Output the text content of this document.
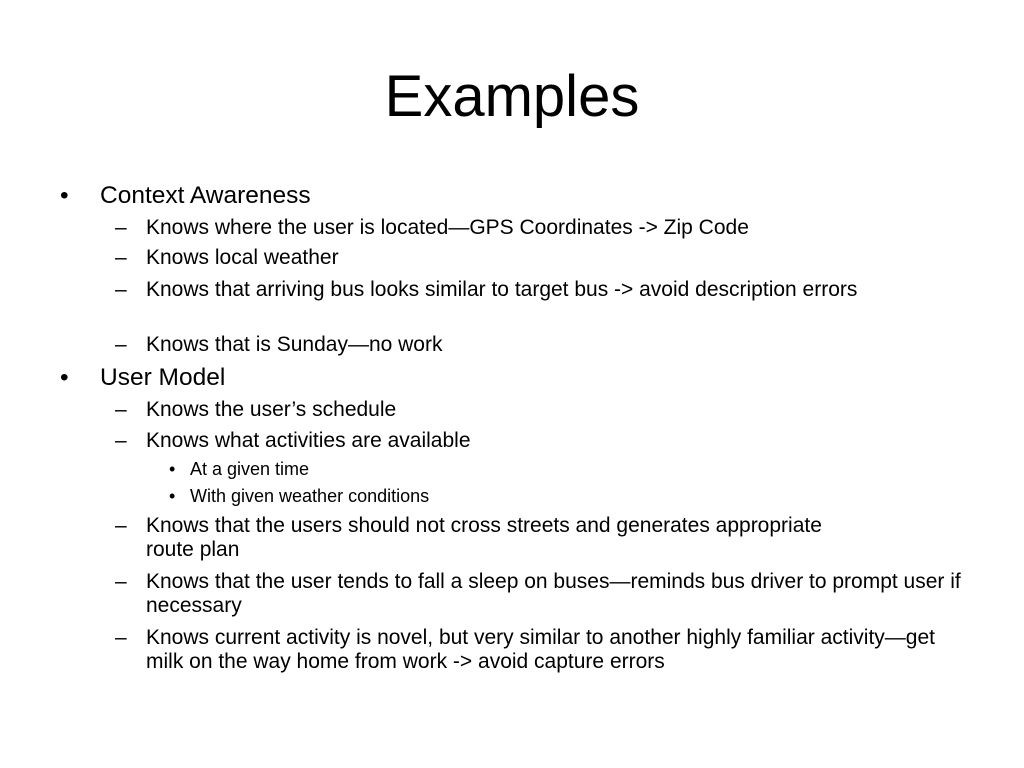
Examples
• Context Awareness
– Knows where the user is located—GPS Coordinates -> Zip Code
– Knows local weather
– Knows that arriving bus looks similar to target bus -> avoid description errors
– Knows that is Sunday—no work
• User Model
– Knows the user’s schedule
– Knows what activities are available
• At a given time
• With given weather conditions
– Knows that the users should not cross streets and generates appropriate route plan
– Knows that the user tends to fall a sleep on buses—reminds bus driver to prompt user if necessary
– Knows current activity is novel, but very similar to another highly familiar activity—get milk on the way home from work -> avoid capture errors
